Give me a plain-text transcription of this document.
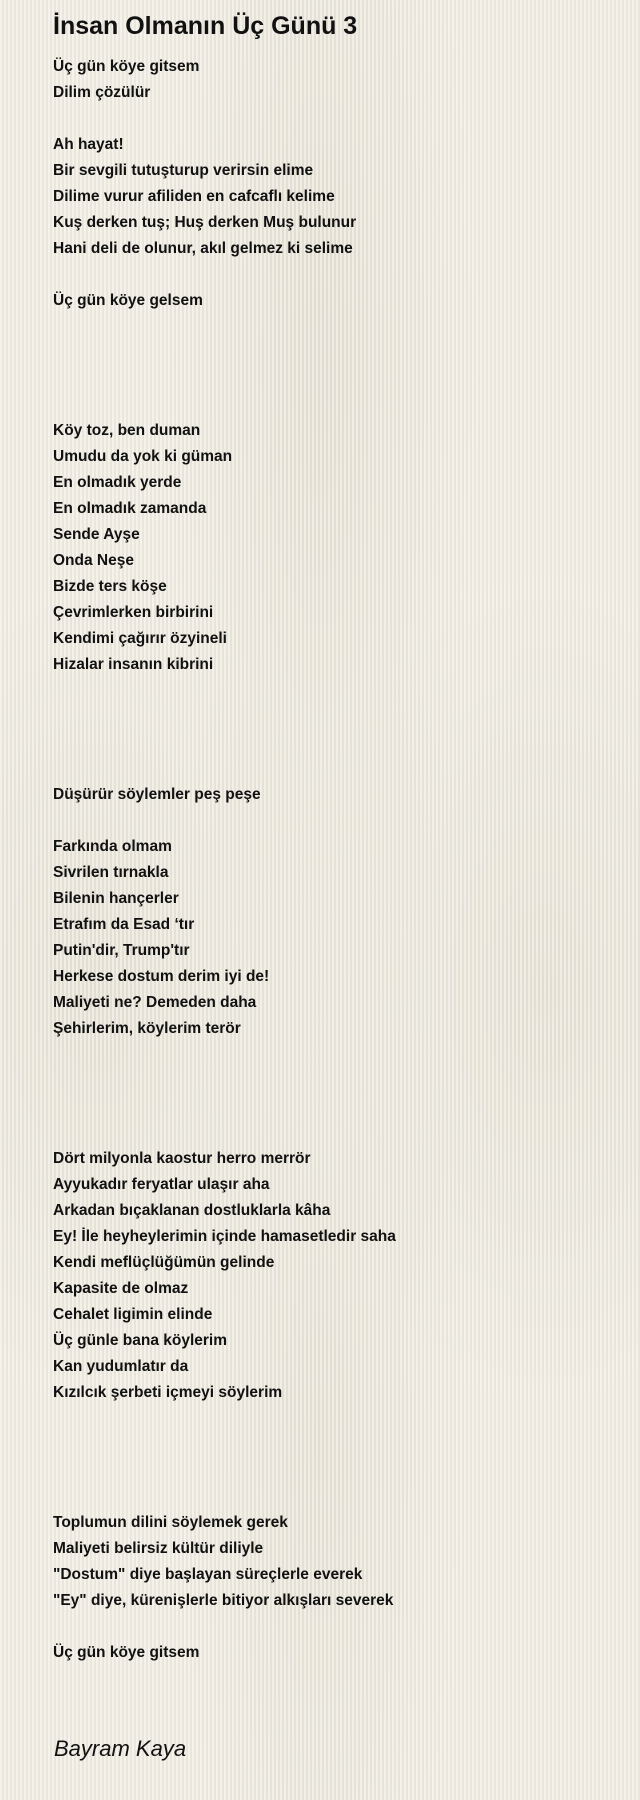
İnsan Olmanın Üç Günü 3
Üç gün köye gitsem
Dilim çözülür
Ah hayat!
Bir sevgili tutuşturup verirsin elime
Dilime vurur afiliden en cafcaflı kelime
Kuş derken tuş; Huş derken Muş bulunur
Hani deli de olunur, akıl gelmez ki selime
Üç gün köye gelsem
Köy toz, ben duman
Umudu da yok ki güman
En olmadık yerde
En olmadık zamanda
Sende Ayşe
Onda Neşe
Bizde ters köşe
Çevrimlerken birbirini
Kendimi çağırır özyineli
Hizalar insanın kibrini
Düşürür söylemler peş peşe
Farkında olmam
Sivrilen tırnakla
Bilenin hançerler
Etrafım da Esad ‘tır
Putin'dir, Trump'tır
Herkese dostum derim iyi de!
Maliyeti ne? Demeden daha
Şehirlerim, köylerim terör
Dört milyonla kaostur herro merrör
Ayyukadır feryatlar ulaşır aha
Arkadan bıçaklanan dostluklarla kâha
Ey! İle heyheylerimin içinde hamasetledir saha
Kendi meflüçlüğümün gelinde
Kapasite de olmaz
Cehalet ligimin elinde
Üç günle bana köylerim
Kan yudumlatır da
Kızılcık şerbeti içmeyi söylerim
Toplumun dilini söylemek gerek
Maliyeti belirsiz kültür diliyle
"Dostum" diye başlayan süreçlerle everek
"Ey" diye, kürenişlerle bitiyor alkışları severek
Üç gün köye gitsem
Bayram Kaya
